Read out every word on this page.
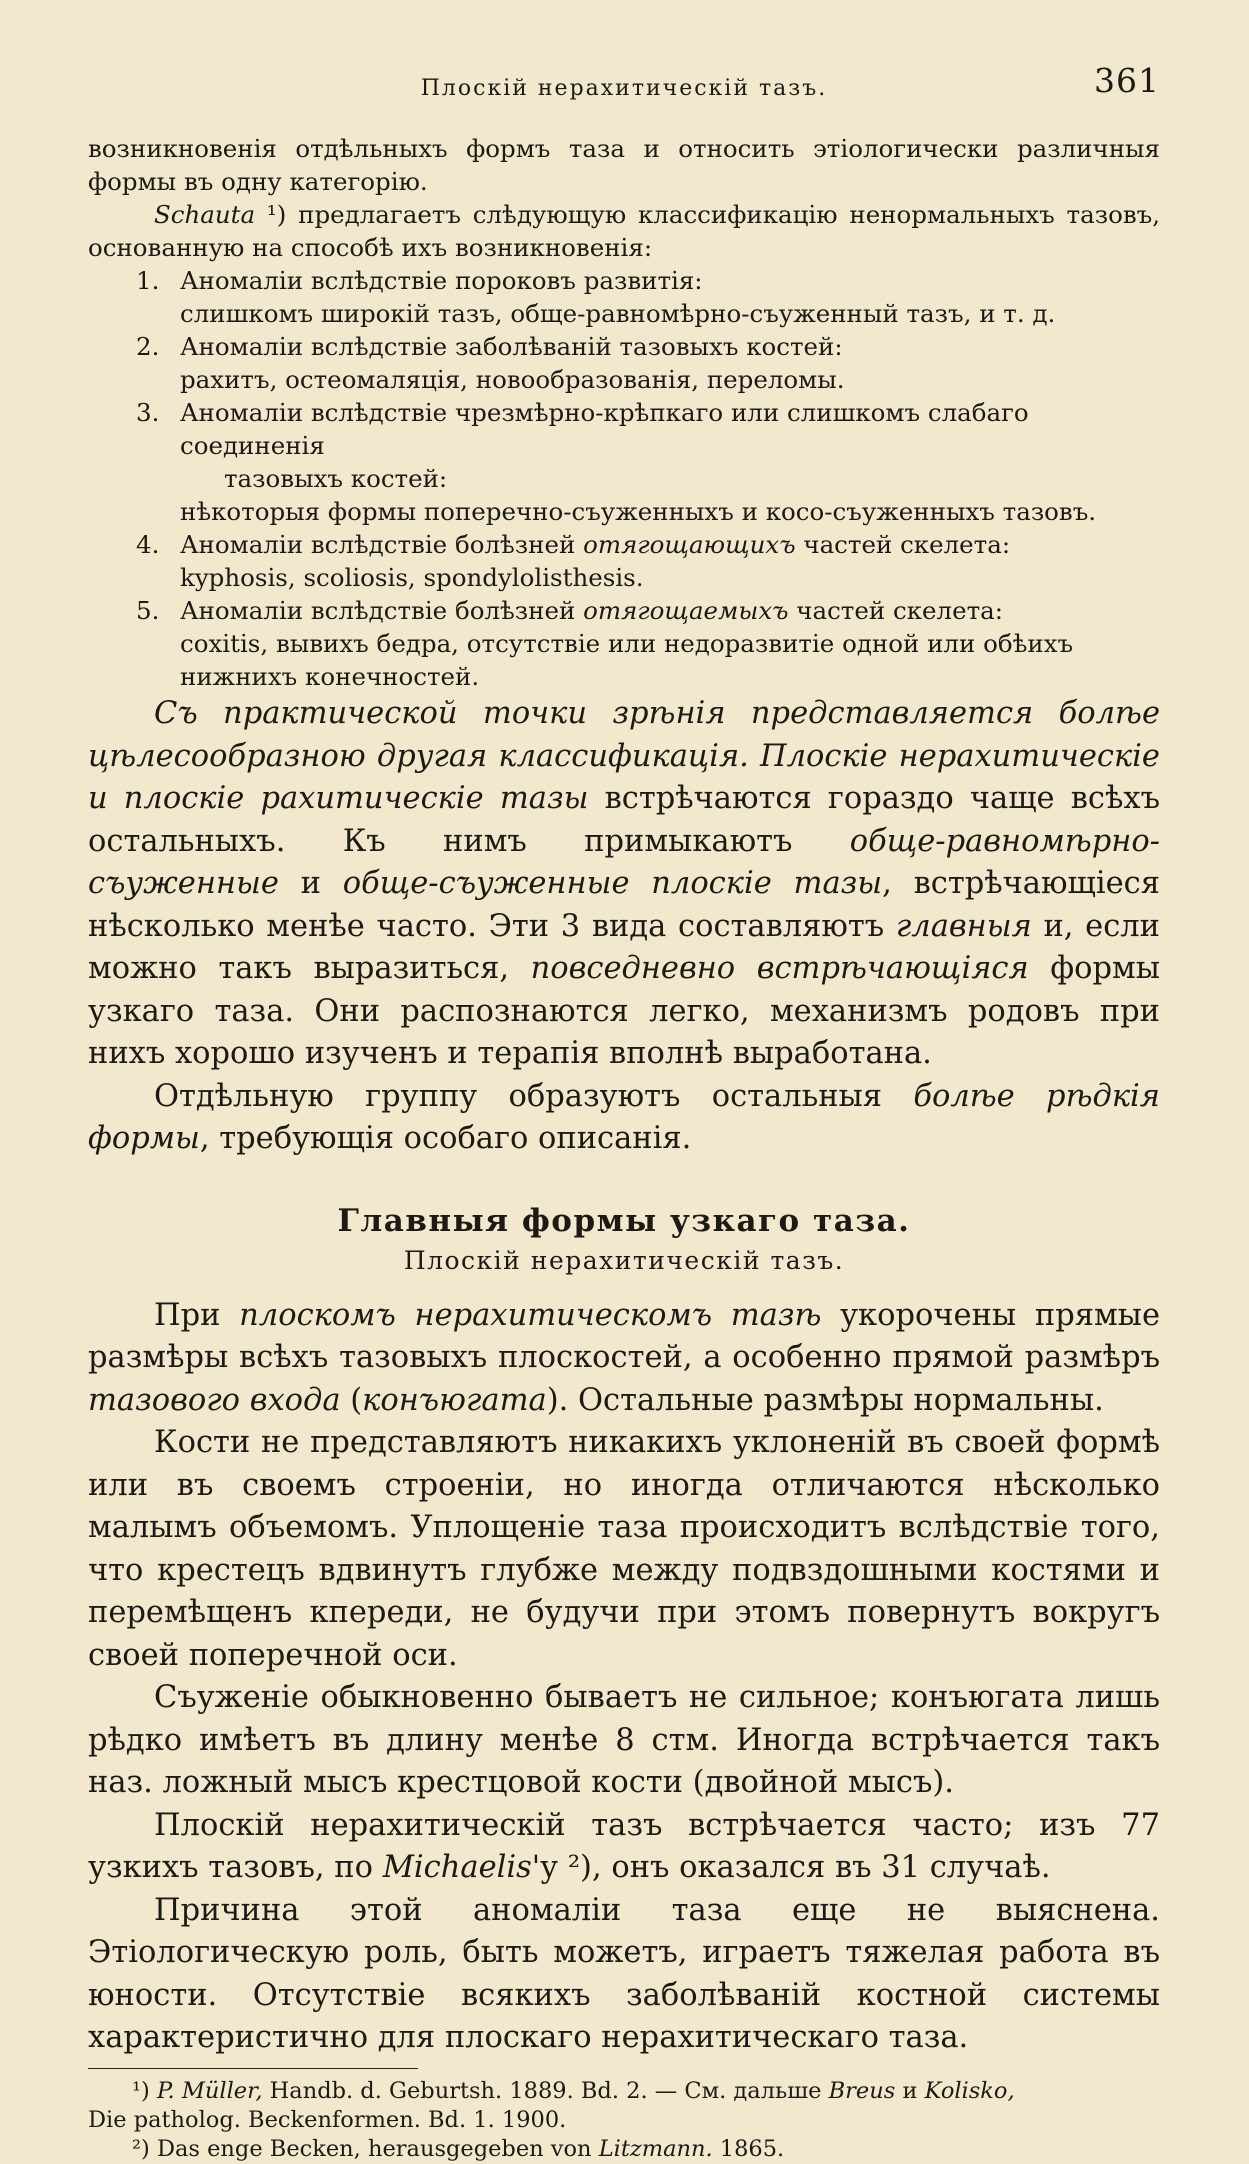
Плоскій нерахитическій тазъ.	361

возникновенія отдѣльныхъ формъ таза и относить этіологически различныя формы въ одну категорію.
Schauta ¹) предлагаетъ слѣдующую классификацію ненормальныхъ тазовъ, основанную на способѣ ихъ возникновенія:

1. Аномаліи вслѣдствіе пороковъ развитія:
слишкомъ широкій тазъ, обще-равномѣрно-съуженный тазъ, и т. д.
2. Аномаліи вслѣдствіе заболѣваній тазовыхъ костей:
рахитъ, остеомаляція, новообразованія, переломы.
3. Аномаліи вслѣдствіе чрезмѣрно-крѣпкаго или слишкомъ слабаго соединенія
тазовыхъ костей:
нѣкоторыя формы поперечно-съуженныхъ и косо-съуженныхъ тазовъ.
4. Аномаліи вслѣдствіе болѣзней отягощающихъ частей скелета:
kyphosis, scoliosis, spondylolisthesis.
5. Аномаліи вслѣдствіе болѣзней отягощаемыхъ частей скелета:
coxitis, вывихъ бедра, отсутствіе или недоразвитіе одной или обѣихъ нижнихъ конечностей.

Съ практической точки зрѣнія представляется болѣе цѣлесообразною другая классификація. Плоскіе нерахитическіе и плоскіе рахитическіе тазы встрѣчаются гораздо чаще всѣхъ остальныхъ. Къ нимъ примыкаютъ обще-равномѣрно-съуженные и обще-съуженные плоскіе тазы, встрѣчающіеся нѣсколько менѣе часто. Эти 3 вида составляютъ главныя и, если можно такъ выразиться, повседневно встрѣчающіяся формы узкаго таза. Они распознаются легко, механизмъ родовъ при нихъ хорошо изученъ и терапія вполнѣ выработана.

Отдѣльную группу образуютъ остальныя болѣе рѣдкія формы, требующія особаго описанія.

Главныя формы узкаго таза.
Плоскій нерахитическій тазъ.

При плоскомъ нерахитическомъ тазѣ укорочены прямые размѣры всѣхъ тазовыхъ плоскостей, а особенно прямой размѣръ тазового входа (конъюгата). Остальные размѣры нормальны.

Кости не представляютъ никакихъ уклоненій въ своей формѣ или въ своемъ строеніи, но иногда отличаются нѣсколько малымъ объемомъ. Уплощеніе таза происходитъ вслѣдствіе того, что крестецъ вдвинутъ глубже между подвздошными костями и перемѣщенъ кпереди, не будучи при этомъ повернутъ вокругъ своей поперечной оси.

Съуженіе обыкновенно бываетъ не сильное; конъюгата лишь рѣдко имѣетъ въ длину менѣе 8 стм. Иногда встрѣчается такъ наз. ложный мысъ крестцовой кости (двойной мысъ).

Плоскій нерахитическій тазъ встрѣчается часто; изъ 77 узкихъ тазовъ, по Michaelis'у ²), онъ оказался въ 31 случаѣ.

Причина этой аномаліи таза еще не выяснена. Этіологическую роль, быть можетъ, играетъ тяжелая работа въ юности. Отсутствіе всякихъ заболѣваній костной системы характеристично для плоскаго нерахитическаго таза.

¹) P. Müller, Handb. d. Geburtsh. 1889. Bd. 2. — См. дальше Breus и Kolisko,
Die patholog. Beckenformen. Bd. 1. 1900.
²) Das enge Becken, herausgegeben von Litzmann. 1865.
